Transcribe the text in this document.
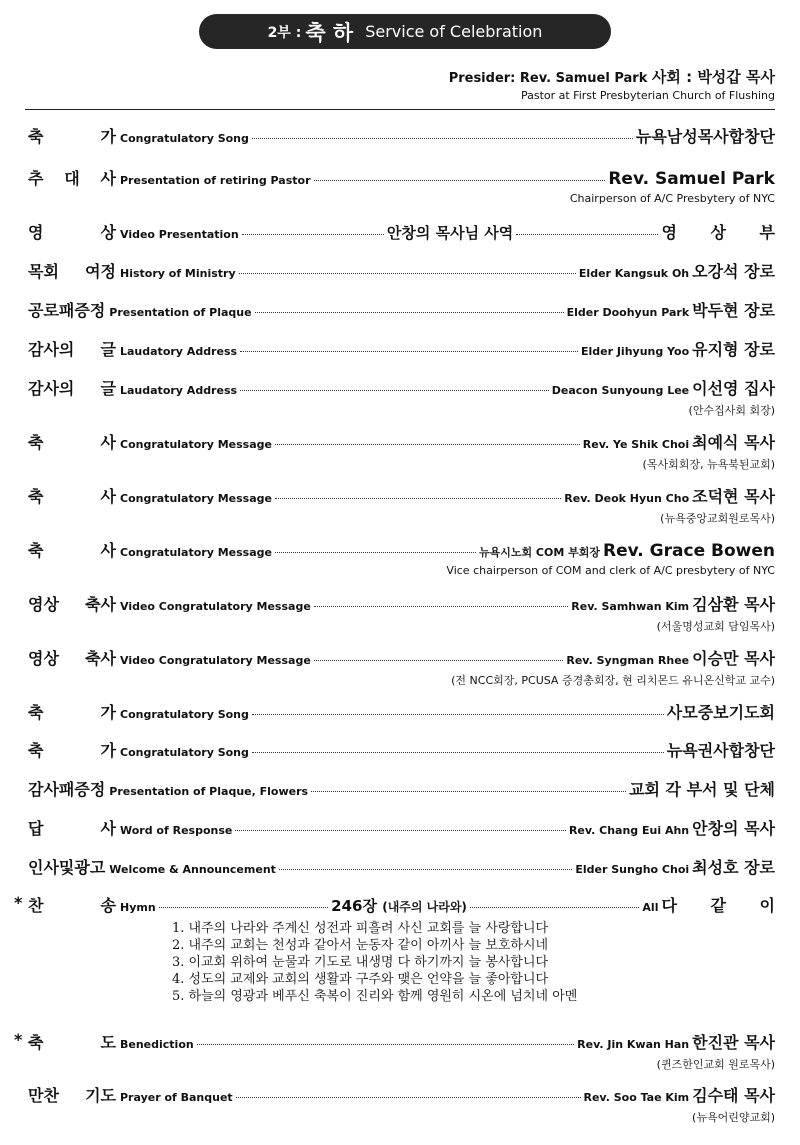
2부 : 축 하 Service of Celebration
Presider: Rev. Samuel Park 사회 : 박성갑 목사
Pastor at First Presbyterian Church of Flushing
축	가 Congratulatory Song	뉴욕남성목사합창단
추 대 사 Presentation of retiring Pastor	Rev. Samuel Park
Chairperson of A/C Presbytery of NYC
영	상 Video Presentation	안창의 목사님 사역	영 상 부
목회 여정 History of Ministry	Elder Kangsuk Oh 오강석 장로
공로패증정 Presentation of Plaque	Elder Doohyun Park 박두현 장로
감사의 글 Laudatory Address	Elder Jihyung Yoo 유지형 장로
감사의 글 Laudatory Address	Deacon Sunyoung Lee 이선영 집사
(안수집사회 회장)
축	사 Congratulatory Message	Rev. Ye Shik Choi 최예식 목사
(목사회회장, 뉴욕북된교회)
축	사 Congratulatory Message	Rev. Deok Hyun Cho 조덕현 목사
(뉴욕중앙교회원로목사)
축	사 Congratulatory Message	뉴욕시노회 COM 부회장 Rev. Grace Bowen
Vice chairperson of COM and clerk of A/C presbytery of NYC
영상 축사 Video Congratulatory Message	Rev. Samhwan Kim 김삼환 목사
(서울명성교회 담임목사)
영상 축사 Video Congratulatory Message	Rev. Syngman Rhee 이승만 목사
(전 NCC회장, PCUSA 증경총회장, 현 리치몬드 유니온신학교 교수)
축	가 Congratulatory Song	사모중보기도회
축	가 Congratulatory Song	뉴욕권사합창단
감사패 증정 Presentation of Plaque, Flowers	교회 각 부서 및 단체
답	사 Word of Response	Rev. Chang Eui Ahn 안창의 목사
인사및 광고 Welcome & Announcement	Elder Sungho Choi 최성호 장로
* 찬	송 Hymn	246장 (내주의 나라와)	All 다 같 이
* 축	도 Benediction	Rev. Jin Kwan Han 한진관 목사
(퀸즈한인교회 원로목사)
만찬 기도 Prayer of Banquet	Rev. Soo Tae Kim 김수태 목사
(뉴욕어린양교회)
1. 내주의 나라와 주계신 성전과 피흘려 사신 교회를 늘 사랑합니다
2. 내주의 교회는 천성과 같아서 눈동자 같이 아끼사 늘 보호하시네
3. 이교회 위하여 눈물과 기도로 내생명 다 하기까지 늘 봉사합니다
4. 성도의 교제와 교회의 생활과 구주와 맺은 언약을 늘 좋아합니다
5. 하늘의 영광과 베푸신 축복이 진리와 함께 영원히 시온에 넘치네 아멘
